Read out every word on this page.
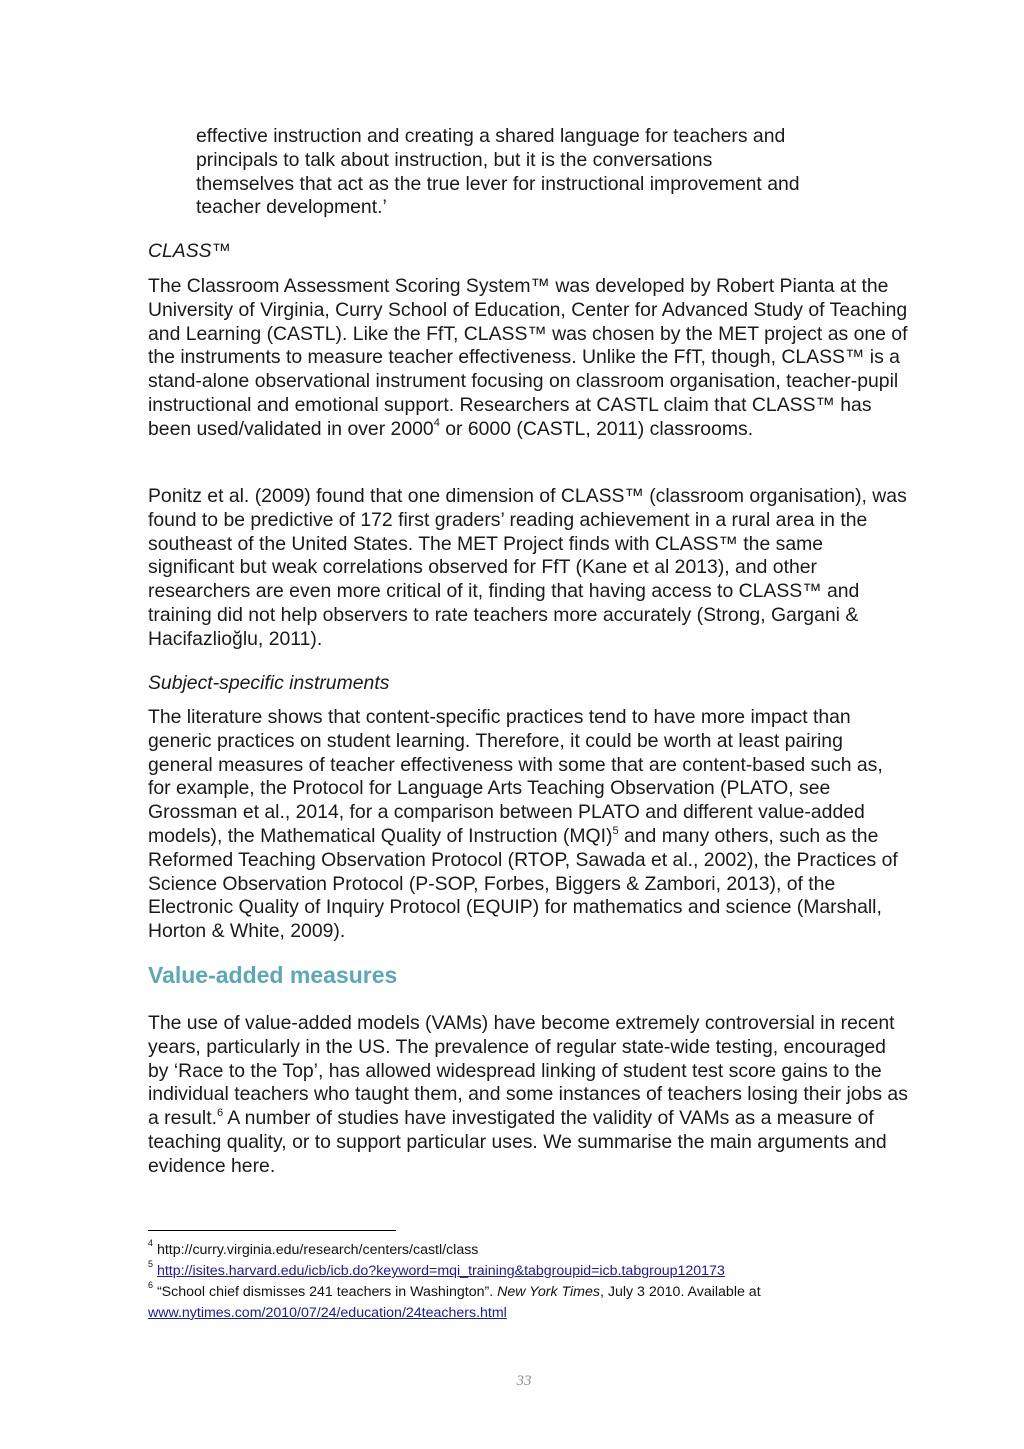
effective instruction and creating a shared language for teachers and
principals to talk about instruction, but it is the conversations
themselves that act as the true lever for instructional improvement and
teacher development.’

CLASS™

The Classroom Assessment Scoring System™ was developed by Robert Pianta at the University of Virginia, Curry School of Education, Center for Advanced Study of Teaching and Learning (CASTL). Like the FfT, CLASS™ was chosen by the MET project as one of the instruments to measure teacher effectiveness. Unlike the FfT, though, CLASS™ is a stand-alone observational instrument focusing on classroom organisation, teacher-pupil instructional and emotional support. Researchers at CASTL claim that CLASS™ has been used/validated in over 2000$^4$ or 6000 (CASTL, 2011) classrooms.

Ponitz et al. (2009) found that one dimension of CLASS™ (classroom organisation), was found to be predictive of 172 first graders’ reading achievement in a rural area in the southeast of the United States. The MET Project finds with CLASS™ the same significant but weak correlations observed for FfT (Kane et al 2013), and other researchers are even more critical of it, finding that having access to CLASS™ and training did not help observers to rate teachers more accurately (Strong, Gargani & Hacifazlioğlu, 2011).

Subject-specific instruments

The literature shows that content-specific practices tend to have more impact than generic practices on student learning. Therefore, it could be worth at least pairing general measures of teacher effectiveness with some that are content-based such as, for example, the Protocol for Language Arts Teaching Observation (PLATO, see Grossman et al., 2014, for a comparison between PLATO and different value-added models), the Mathematical Quality of Instruction (MQI)$^5$ and many others, such as the Reformed Teaching Observation Protocol (RTOP, Sawada et al., 2002), the Practices of Science Observation Protocol (P-SOP, Forbes, Biggers & Zambori, 2013), of the Electronic Quality of Inquiry Protocol (EQUIP) for mathematics and science (Marshall, Horton & White, 2009).

Value-added measures

The use of value-added models (VAMs) have become extremely controversial in recent years, particularly in the US. The prevalence of regular state-wide testing, encouraged by ‘Race to the Top’, has allowed widespread linking of student test score gains to the individual teachers who taught them, and some instances of teachers losing their jobs as a result.$^6$ A number of studies have investigated the validity of VAMs as a measure of teaching quality, or to support particular uses. We summarise the main arguments and evidence here.

$^4$ http://curry.virginia.edu/research/centers/castl/class

$^5$ http://isites.harvard.edu/icb/icb.do?keyword=mqi_training&tabgroupid=icb.tabgroup120173

$^6$ “School chief dismisses 241 teachers in Washington”. New York Times, July 3 2010. Available at

www.nytimes.com/2010/07/24/education/24teachers.html

33
